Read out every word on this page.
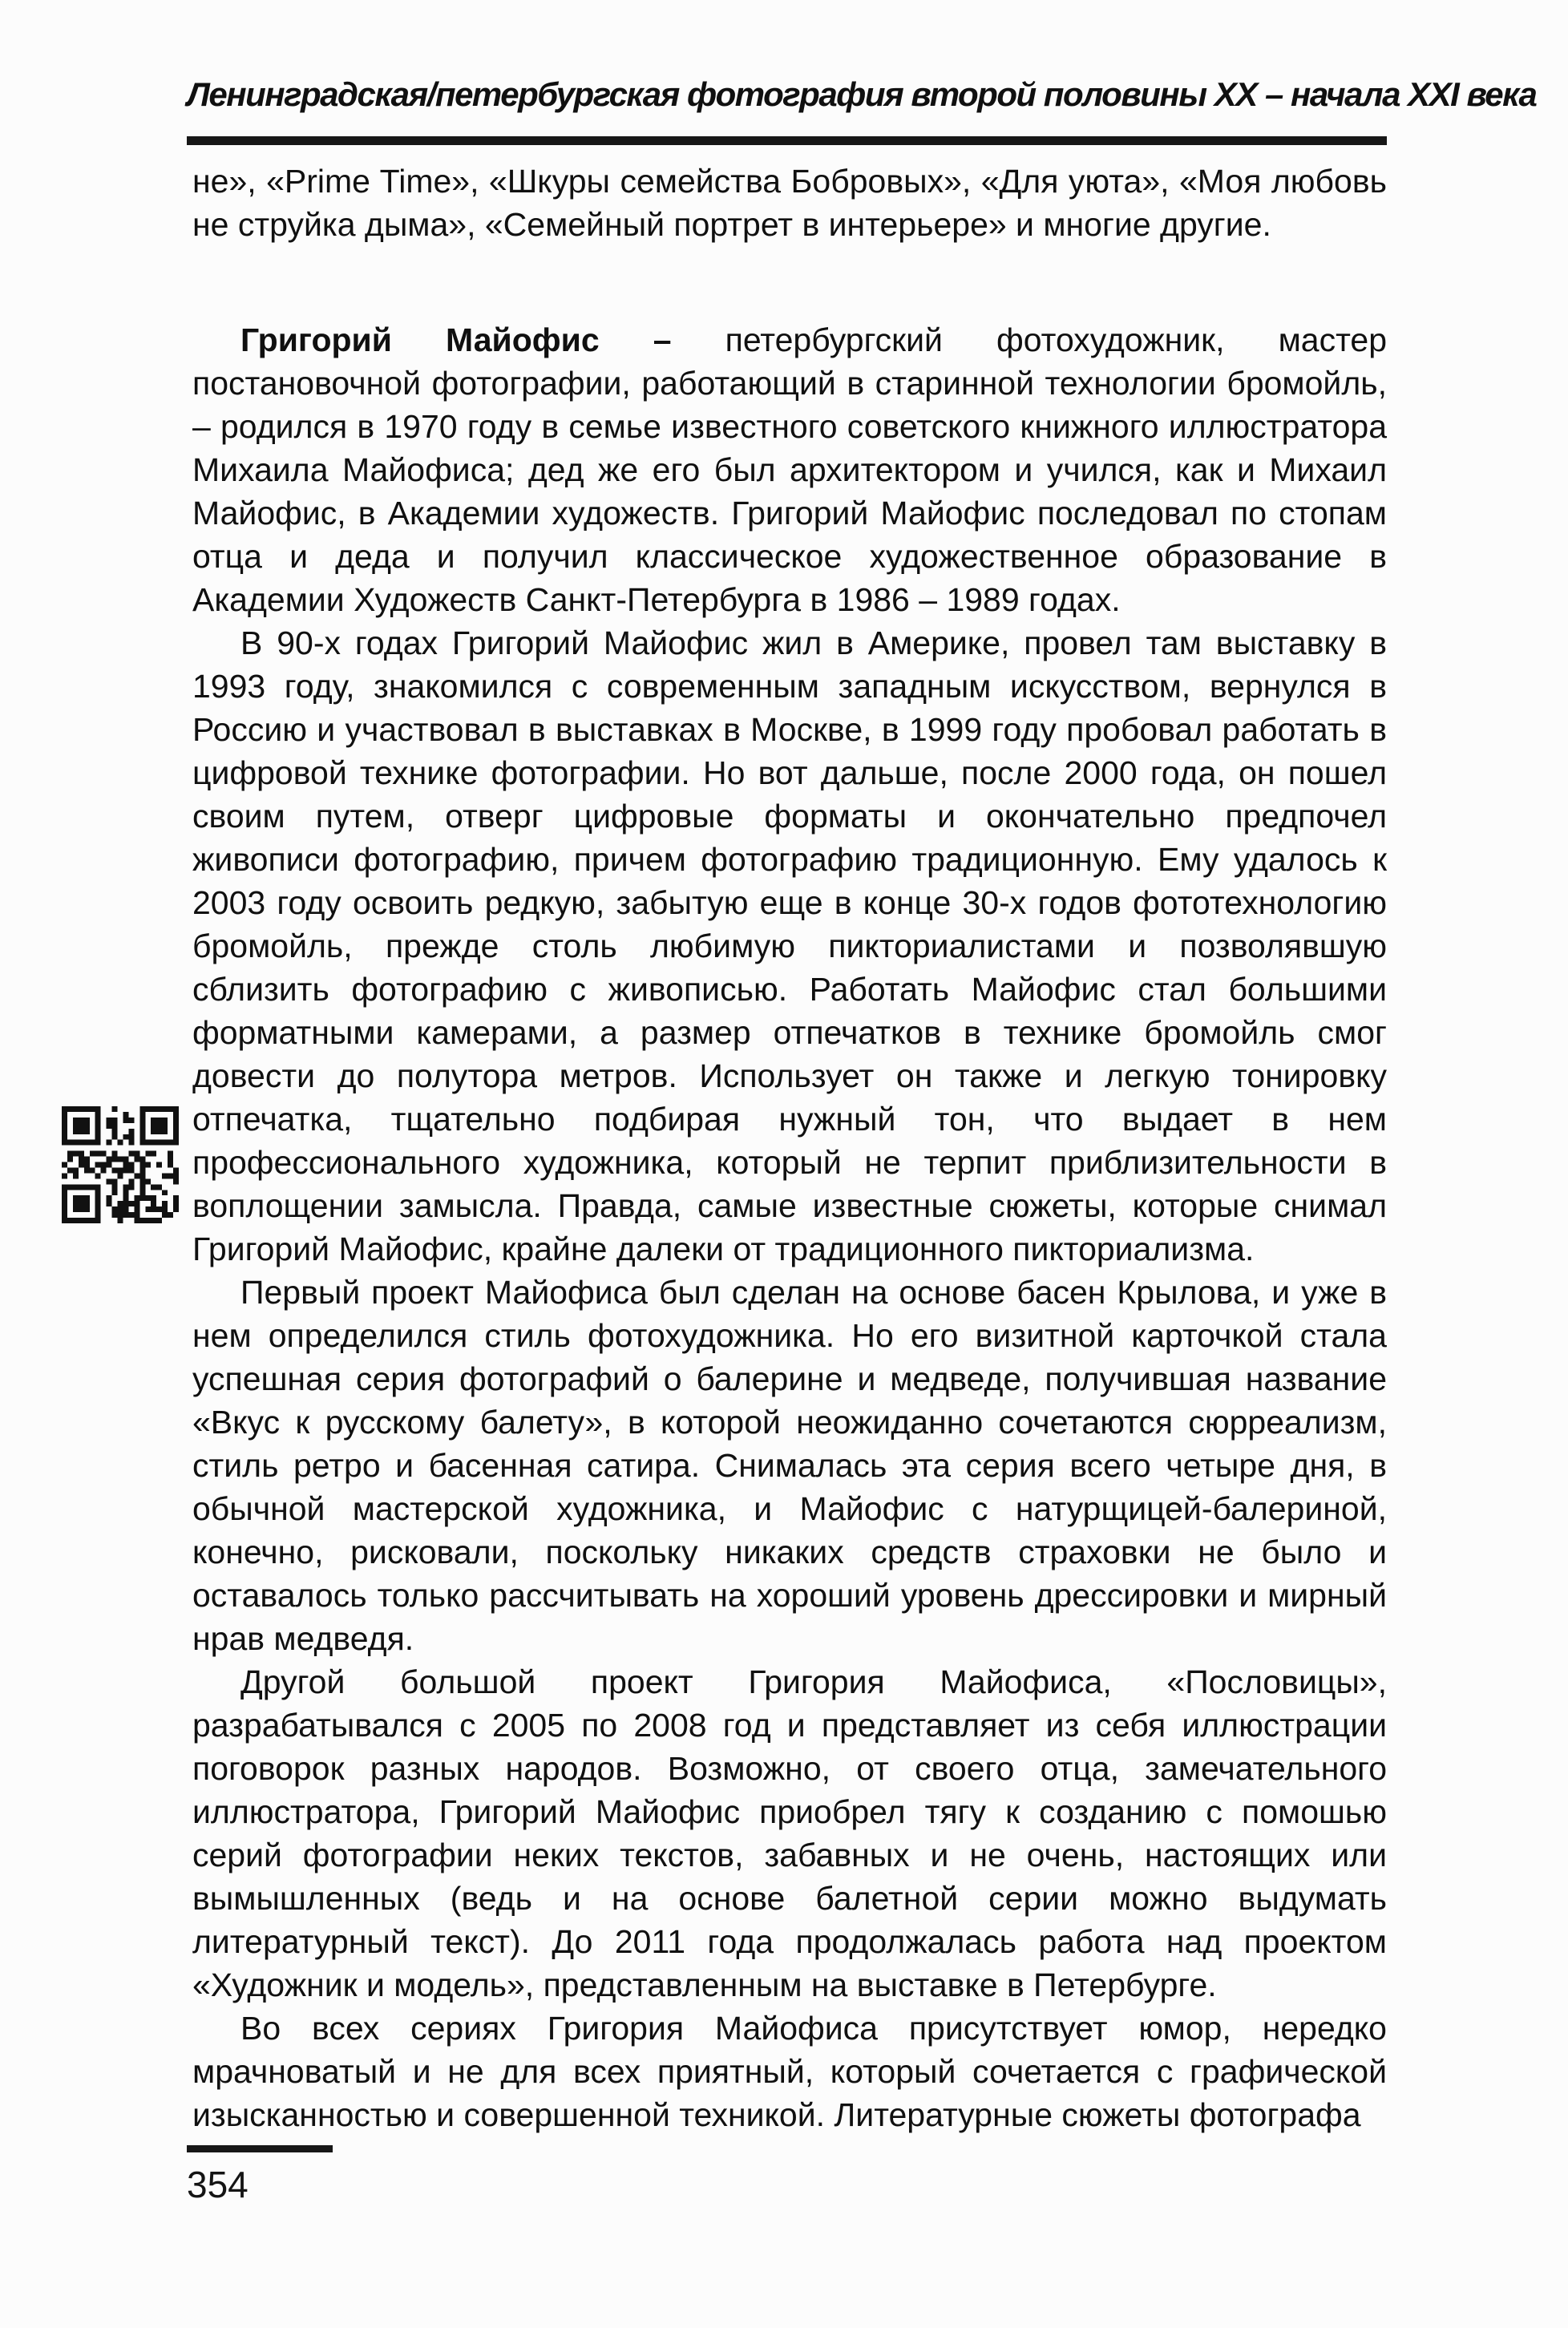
Ленинградская/петербургская фотография второй половины XX – начала XXI века

не», «Prime Time», «Шкуры семейства Бобровых», «Для уюта», «Моя любовь не струйка дыма», «Семейный портрет в интерьере» и многие другие.

Григорий Майофис – петербургский фотохудожник, мастер постановочной фотографии, работающий в старинной технологии бромойль, – родился в 1970 году в семье известного советского книжного иллюстратора Михаила Майофиса; дед же его был архитектором и учился, как и Михаил Майофис, в Академии художеств. Григорий Майофис последовал по стопам отца и деда и получил классическое художественное образование в Академии Художеств Санкт-Петербурга в 1986 – 1989 годах.

В 90-х годах Григорий Майофис жил в Америке, провел там выставку в 1993 году, знакомился с современным западным искусством, вернулся в Россию и участвовал в выставках в Москве, в 1999 году пробовал работать в цифровой технике фотографии. Но вот дальше, после 2000 года, он пошел своим путем, отверг цифровые форматы и окончательно предпочел живописи фотографию, причем фотографию традиционную. Ему удалось к 2003 году освоить редкую, забытую еще в конце 30-х годов фототехнологию бромойль, прежде столь любимую пикториалистами и позволявшую сблизить фотографию с живописью. Работать Майофис стал большими форматными камерами, а размер отпечатков в технике бромойль смог довести до полутора метров. Использует он также и легкую тонировку отпечатка, тщательно подбирая нужный тон, что выдает в нем профессионального художника, который не терпит приблизительности в воплощении замысла. Правда, самые известные сюжеты, которые снимал Григорий Майофис, крайне далеки от традиционного пикториализма.

Первый проект Майофиса был сделан на основе басен Крылова, и уже в нем определился стиль фотохудожника. Но его визитной карточкой стала успешная серия фотографий о балерине и медведе, получившая название «Вкус к русскому балету», в которой неожиданно сочетаются сюрреализм, стиль ретро и басенная сатира. Снималась эта серия всего четыре дня, в обычной мастерской художника, и Майофис с натурщицей-балериной, конечно, рисковали, поскольку никаких средств страховки не было и оставалось только рассчитывать на хороший уровень дрессировки и мирный нрав медведя.

Другой большой проект Григория Майофиса, «Пословицы», разрабатывался с 2005 по 2008 год и представляет из себя иллюстрации поговорок разных народов. Возможно, от своего отца, замечательного иллюстратора, Григорий Майофис приобрел тягу к созданию с помошью серий фотографии неких текстов, забавных и не очень, настоящих или вымышленных (ведь и на основе балетной серии можно выдумать литературный текст). До 2011 года продолжалась работа над проектом «Художник и модель», представленным на выставке в Петербурге.

Во всех сериях Григория Майофиса присутствует юмор, нередко мрачноватый и не для всех приятный, который сочетается с графической изысканностью и совершенной техникой. Литературные сюжеты фотографа

354
